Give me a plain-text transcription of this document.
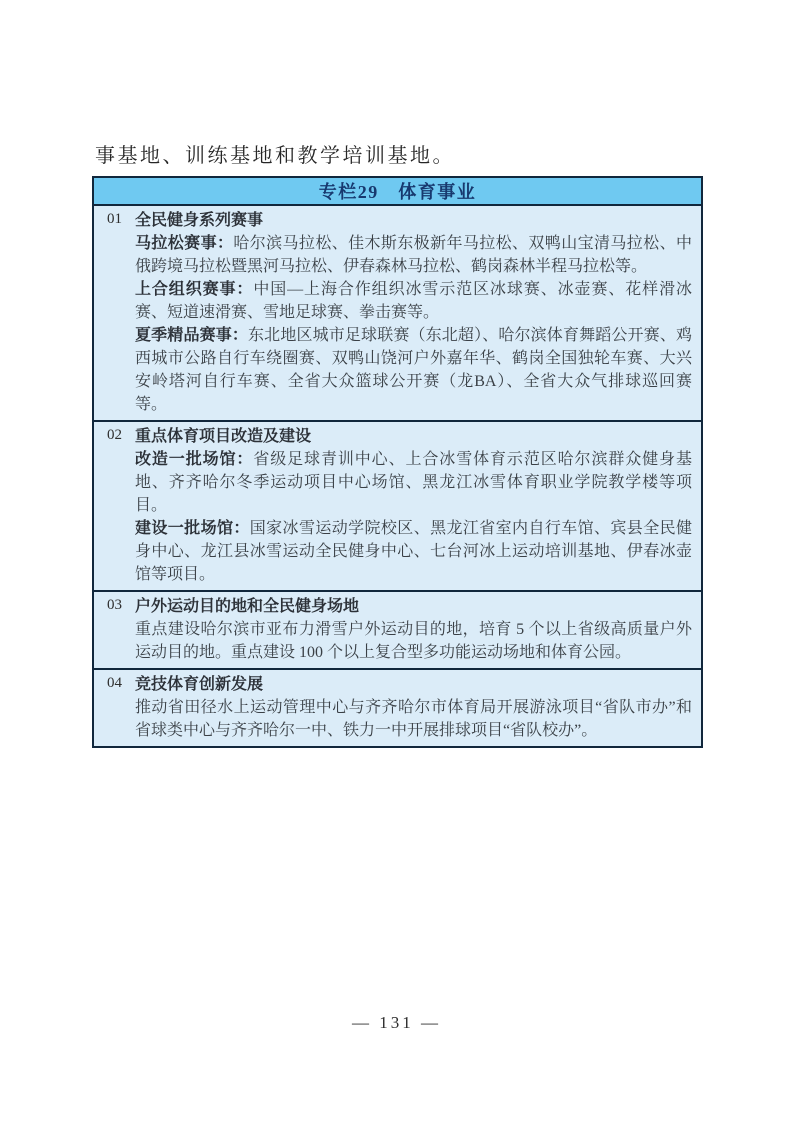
事基地、训练基地和教学培训基地。
专栏29　体育事业
01 全民健身系列赛事

马拉松赛事：哈尔滨马拉松、佳木斯东极新年马拉松、双鸭山宝清马拉松、中俄跨境马拉松暨黑河马拉松、伊春森林马拉松、鹤岗森林半程马拉松等。

上合组织赛事：中国—上海合作组织冰雪示范区冰球赛、冰壶赛、花样滑冰赛、短道速滑赛、雪地足球赛、拳击赛等。

夏季精品赛事：东北地区城市足球联赛（东北超）、哈尔滨体育舞蹈公开赛、鸡西城市公路自行车绕圈赛、双鸭山饶河户外嘉年华、鹤岗全国独轮车赛、大兴安岭塔河自行车赛、全省大众篮球公开赛（龙BA）、全省大众气排球巡回赛等。

02 重点体育项目改造及建设

改造一批场馆：省级足球青训中心、上合冰雪体育示范区哈尔滨群众健身基地、齐齐哈尔冬季运动项目中心场馆、黑龙江冰雪体育职业学院教学楼等项目。

建设一批场馆：国家冰雪运动学院校区、黑龙江省室内自行车馆、宾县全民健身中心、龙江县冰雪运动全民健身中心、七台河冰上运动培训基地、伊春冰壶馆等项目。

03 户外运动目的地和全民健身场地

重点建设哈尔滨市亚布力滑雪户外运动目的地，培育 5 个以上省级高质量户外运动目的地。重点建设 100 个以上复合型多功能运动场地和体育公园。

04 竞技体育创新发展

推动省田径水上运动管理中心与齐齐哈尔市体育局开展游泳项目“省队市办”和省球类中心与齐齐哈尔一中、铁力一中开展排球项目“省队校办”。

— 131 —
